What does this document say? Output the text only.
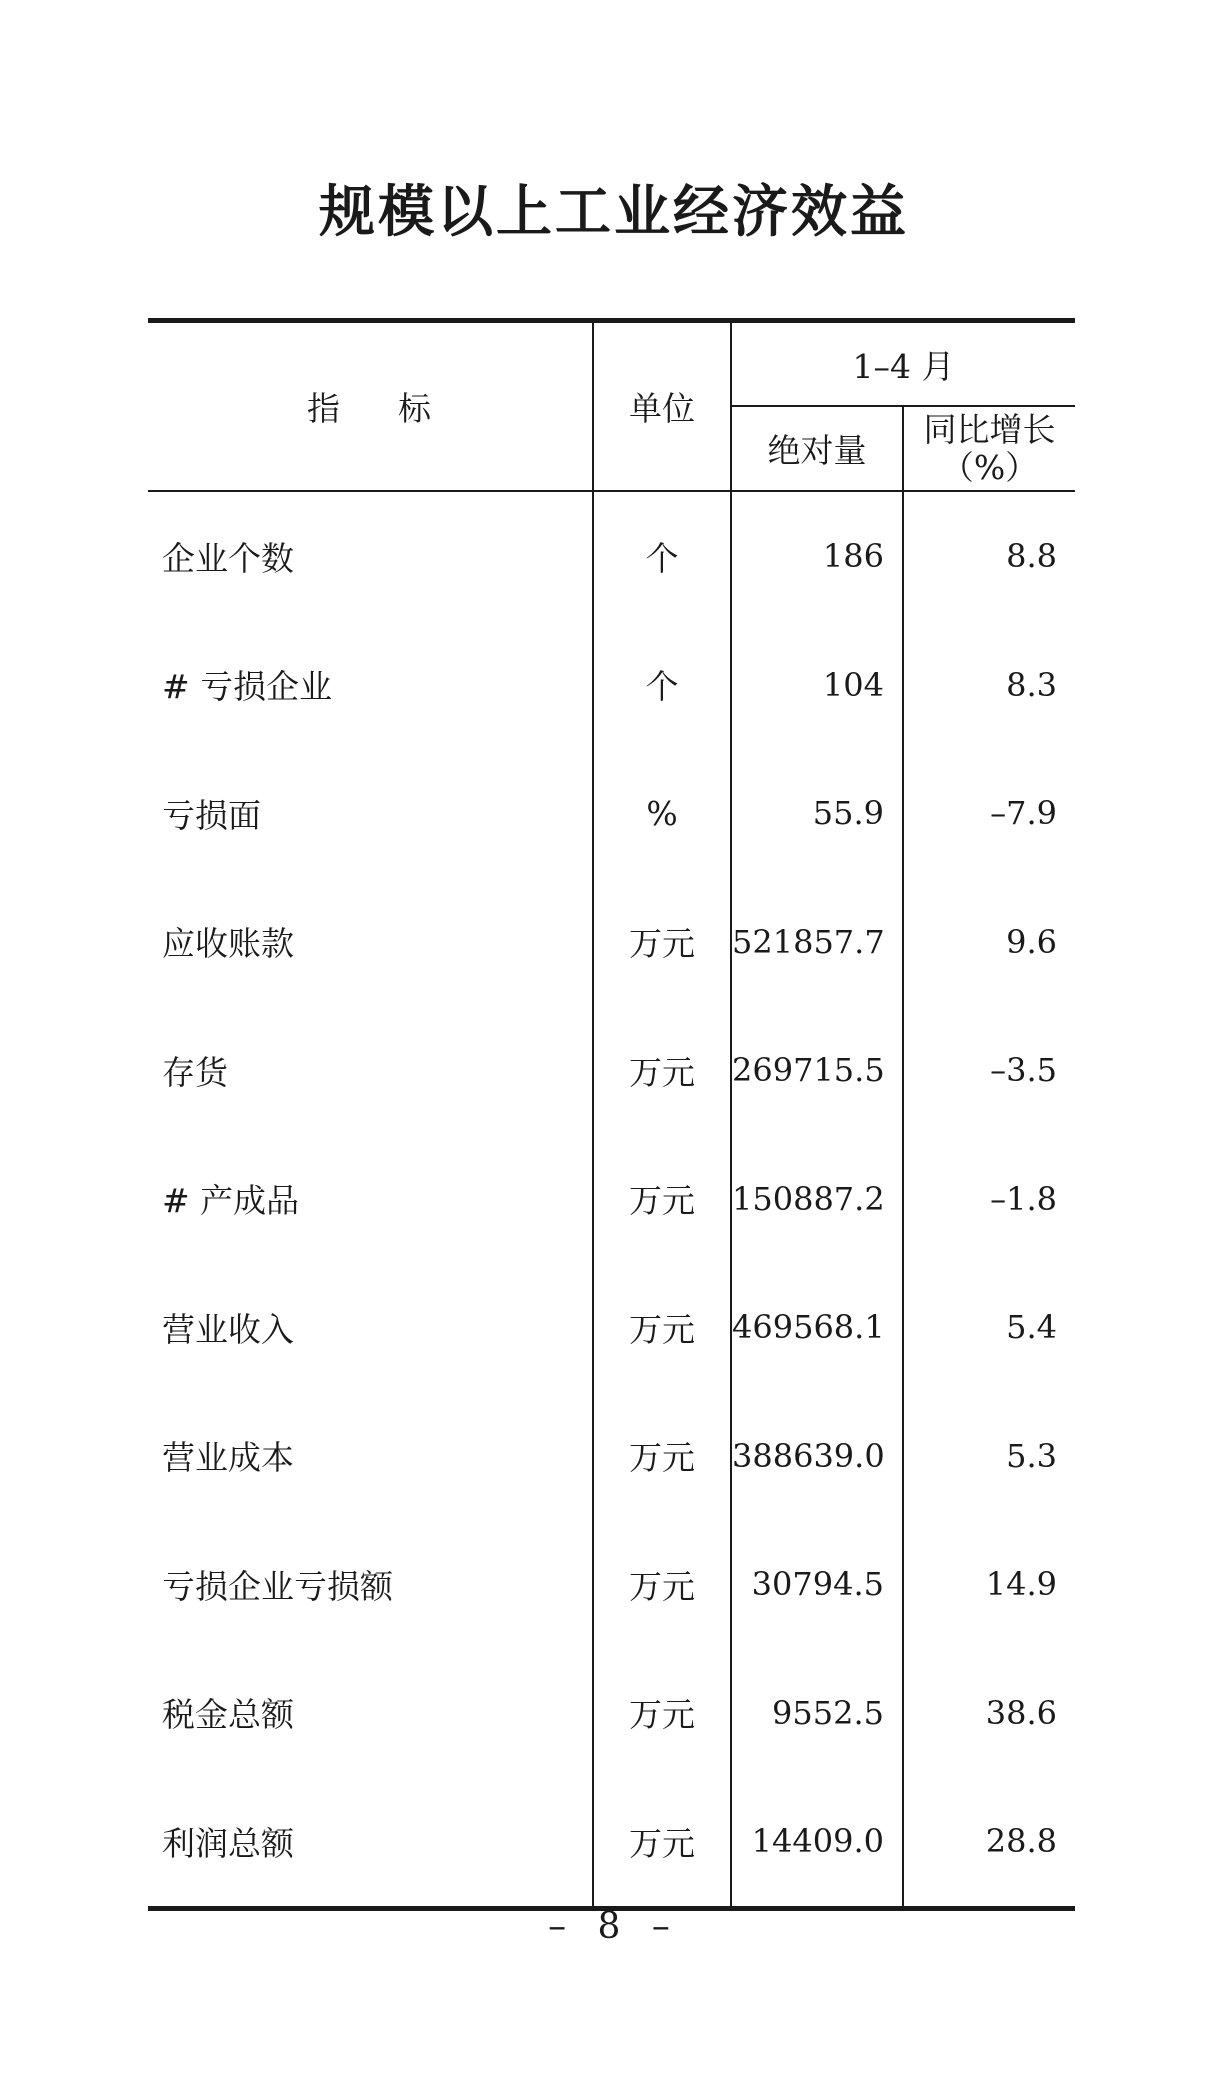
规模以上工业经济效益
指 标	单位	1–4 月	
		绝对量	同比增长
（%）

企业个数	个	186	8.8
# 亏损企业	个	104	8.3
亏损面	%	55.9	–7.9
应收账款	万元	521857.7	9.6
存货	万元	269715.5	–3.5
# 产成品	万元	150887.2	–1.8
营业收入	万元	469568.1	5.4
营业成本	万元	388639.0	5.3
亏损企业亏损额	万元	30794.5	14.9
税金总额	万元	9552.5	38.6
利润总额	万元	14409.0	28.8
– 8 –
